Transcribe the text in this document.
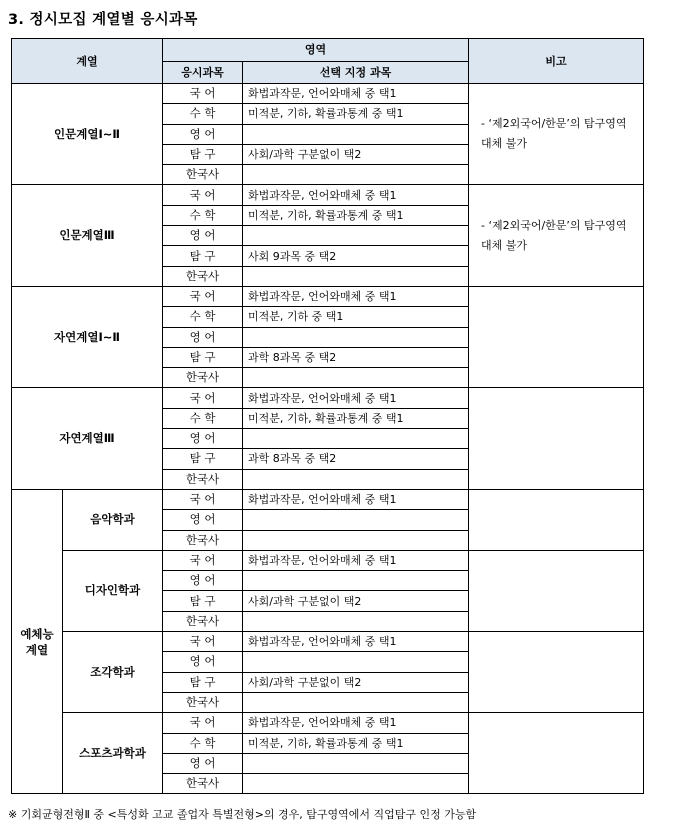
3. 정시모집 계열별 응시과목
계열		영역		비고
		응시과목	선택 지정 과목	
인문계열Ⅰ~Ⅱ		국 어	화법과작문, 언어와매체 중 택1	- ‘제2외국어/한문’의 탐구영역 대체 불가
		수 학	미적분, 기하, 확률과통계 중 택1	
		영 어		
		탐 구	사회/과학 구분없이 택2	
		한국사		
인문계열Ⅲ		국 어	화법과작문, 언어와매체 중 택1	- ‘제2외국어/한문’의 탐구영역 대체 불가
		수 학	미적분, 기하, 확률과통계 중 택1	
		영 어		
		탐 구	사회 9과목 중 택2	
		한국사		
자연계열Ⅰ~Ⅱ		국 어	화법과작문, 언어와매체 중 택1	
		수 학	미적분, 기하 중 택1	
		영 어		
		탐 구	과학 8과목 중 택2	
		한국사		
자연계열Ⅲ		국 어	화법과작문, 언어와매체 중 택1	
		수 학	미적분, 기하, 확률과통계 중 택1	
		영 어		
		탐 구	과학 8과목 중 택2	
		한국사		
예체능
계열	음악학과	국 어	화법과작문, 언어와매체 중 택1	
		영 어		
		한국사		
	디자인학과	국 어	화법과작문, 언어와매체 중 택1	
		영 어		
		탐 구	사회/과학 구분없이 택2	
		한국사		
	조각학과	국 어	화법과작문, 언어와매체 중 택1	
		영 어		
		탐 구	사회/과학 구분없이 택2	
		한국사		
	스포츠과학과	국 어	화법과작문, 언어와매체 중 택1	
		수 학	미적분, 기하, 확률과통계 중 택1	
		영 어		
		한국사		
※ 기회균형전형Ⅱ 중 <특성화 고교 졸업자 특별전형>의 경우, 탐구영역에서 직업탐구 인정 가능함
